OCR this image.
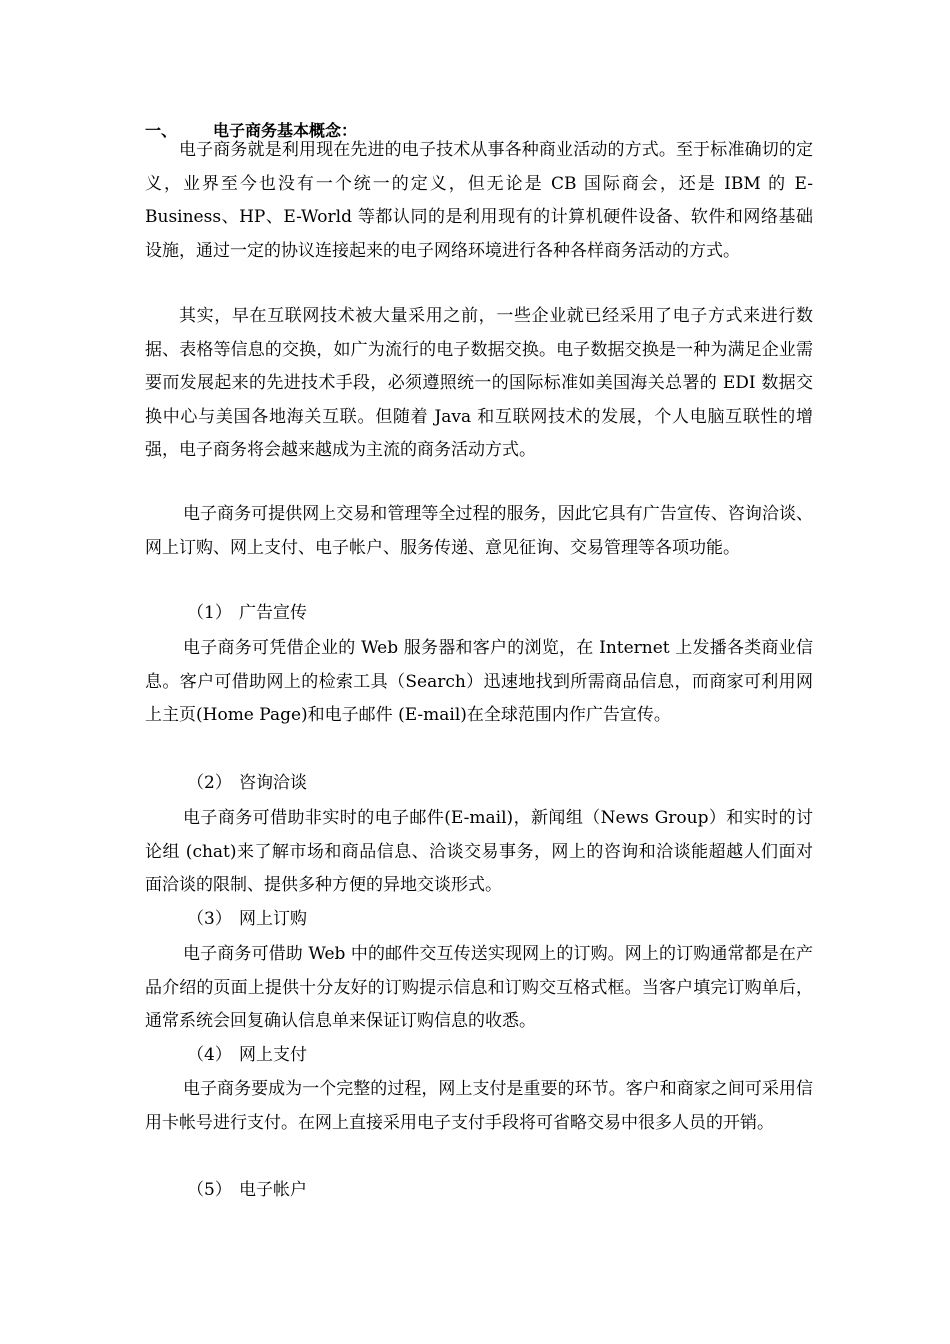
一、 电子商务基本概念：

电子商务就是利用现在先进的电子技术从事各种商业活动的方式。至于标准确切的定义，业界至今也没有一个统一的定义，但无论是 CB 国际商会，还是 IBM 的 E-Business、HP、E-World 等都认同的是利用现有的计算机硬件设备、软件和网络基础设施，通过一定的协议连接起来的电子网络环境进行各种各样商务活动的方式。

其实，早在互联网技术被大量采用之前，一些企业就已经采用了电子方式来进行数据、表格等信息的交换，如广为流行的电子数据交换。电子数据交换是一种为满足企业需要而发展起来的先进技术手段，必须遵照统一的国际标准如美国海关总署的 EDI 数据交换中心与美国各地海关互联。但随着 Java 和互联网技术的发展，个人电脑互联性的增强，电子商务将会越来越成为主流的商务活动方式。

电子商务可提供网上交易和管理等全过程的服务，因此它具有广告宣传、咨询洽谈、网上订购、网上支付、电子帐户、服务传递、意见征询、交易管理等各项功能。

（1） 广告宣传

电子商务可凭借企业的 Web 服务器和客户的浏览，在 Internet 上发播各类商业信息。客户可借助网上的检索工具（Search）迅速地找到所需商品信息，而商家可利用网上主页(Home Page)和电子邮件 (E-mail)在全球范围内作广告宣传。

（2） 咨询洽谈

电子商务可借助非实时的电子邮件(E-mail)，新闻组（News Group）和实时的讨论组 (chat)来了解市场和商品信息、洽谈交易事务，网上的咨询和洽谈能超越人们面对面洽谈的限制、提供多种方便的异地交谈形式。

（3） 网上订购

电子商务可借助 Web 中的邮件交互传送实现网上的订购。网上的订购通常都是在产品介绍的页面上提供十分友好的订购提示信息和订购交互格式框。当客户填完订购单后，通常系统会回复确认信息单来保证订购信息的收悉。

（4） 网上支付

电子商务要成为一个完整的过程，网上支付是重要的环节。客户和商家之间可采用信用卡帐号进行支付。在网上直接采用电子支付手段将可省略交易中很多人员的开销。

（5） 电子帐户
